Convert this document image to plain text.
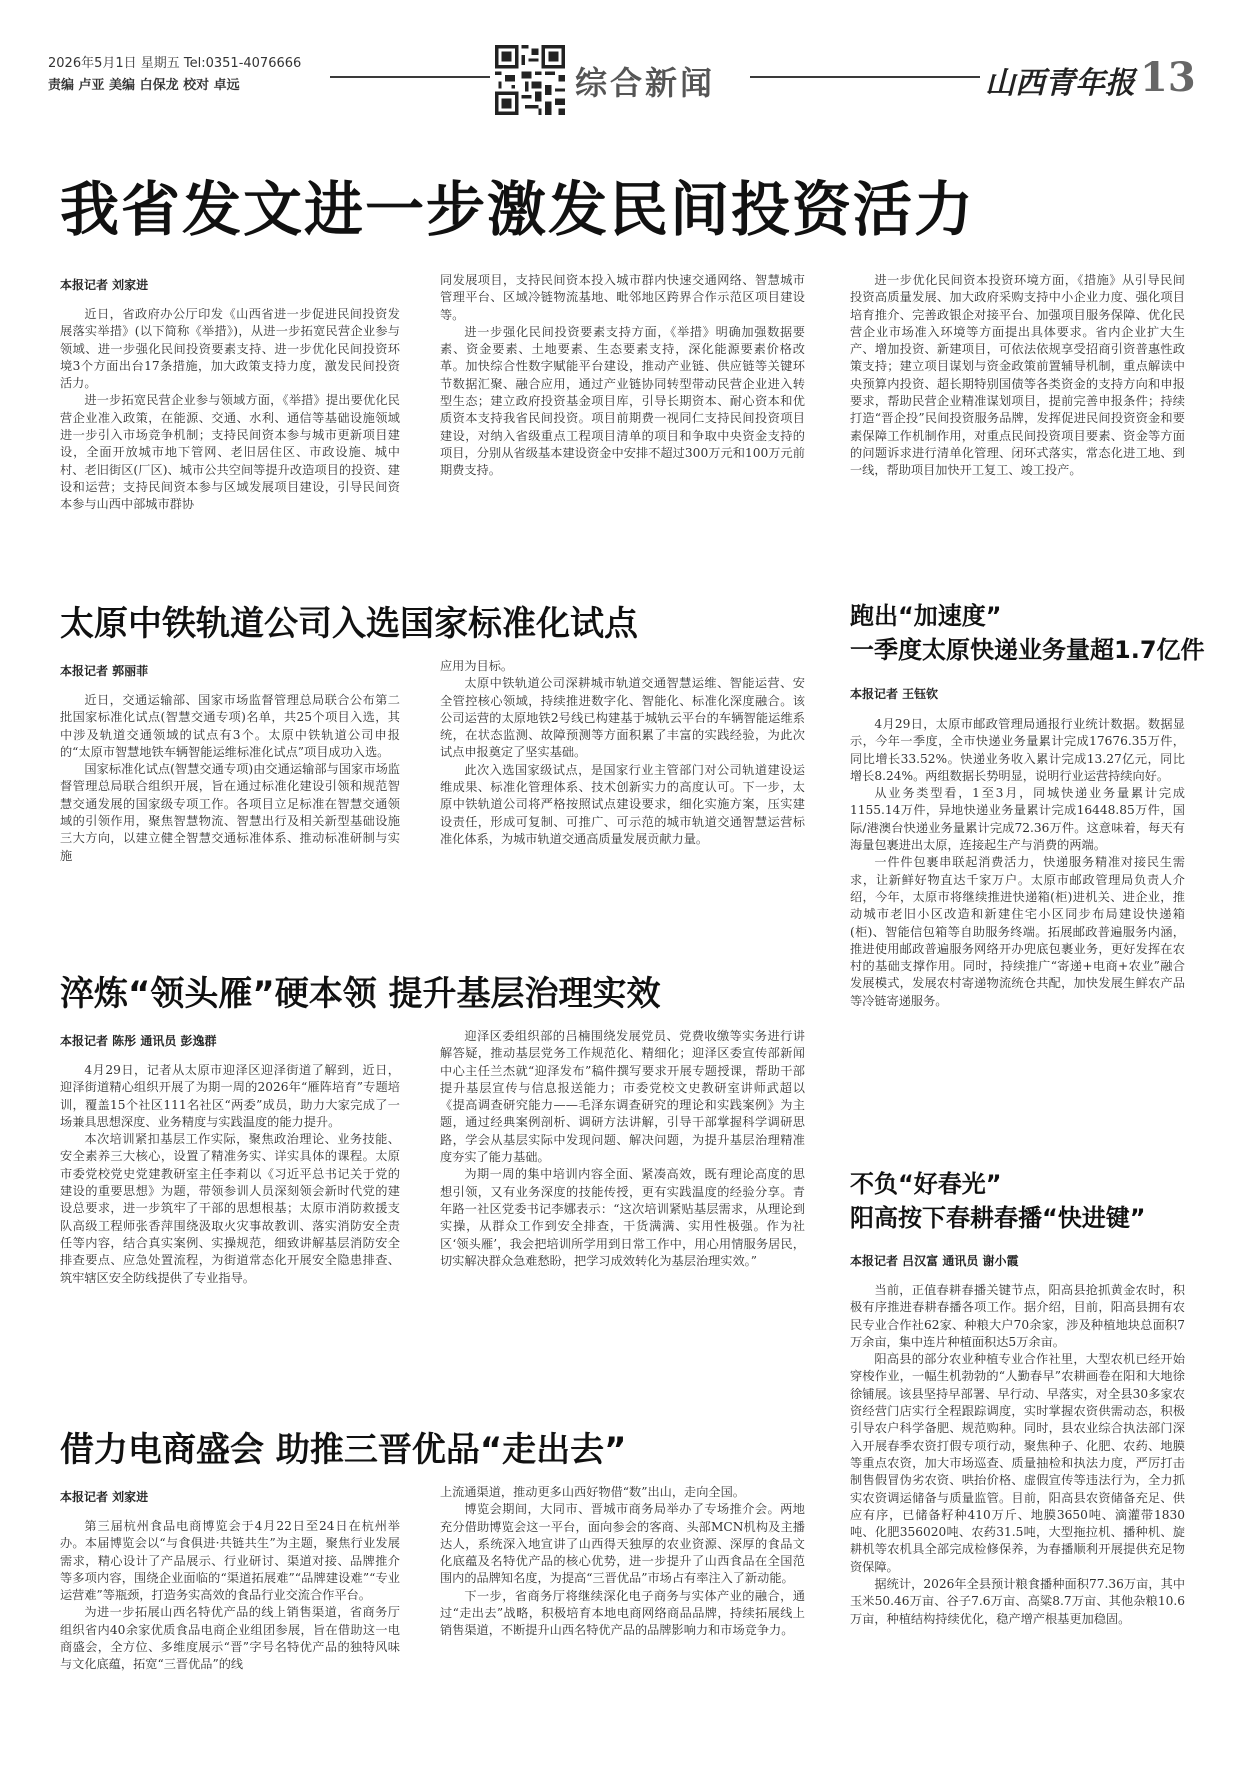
2026年5月1日 星期五 Tel:0351-4076666
责编 卢亚 美编 白保龙 校对 卓远	综合新闻	山西青年报 13
我省发文进一步激发民间投资活力
本报记者 刘家进

近日，省政府办公厅印发《山西省进一步促进民间投资发展落实举措》(以下简称《举措》)，从进一步拓宽民营企业参与领域、进一步强化民间投资要素支持、进一步优化民间投资环境3个方面出台17条措施，加大政策支持力度，激发民间投资活力。

进一步拓宽民营企业参与领域方面，《举措》提出要优化民营企业准入政策，在能源、交通、水利、通信等基础设施领域进一步引入市场竞争机制；支持民间资本参与城市更新项目建设，全面开放城市地下管网、老旧居住区、市政设施、城中村、老旧街区(厂区)、城市公共空间等提升改造项目的投资、建设和运营；支持民间资本参与区域发展项目建设，引导民间资本参与山西中部城市群协

同发展项目，支持民间资本投入城市群内快速交通网络、智慧城市管理平台、区域冷链物流基地、毗邻地区跨界合作示范区项目建设等。

进一步强化民间投资要素支持方面，《举措》明确加强数据要素、资金要素、土地要素、生态要素支持，深化能源要素价格改革。加快综合性数字赋能平台建设，推动产业链、供应链等关键环节数据汇聚、融合应用，通过产业链协同转型带动民营企业进入转型生态；建立政府投资基金项目库，引导长期资本、耐心资本和优质资本支持我省民间投资。项目前期费一视同仁支持民间投资项目建设，对纳入省级重点工程项目清单的项目和争取中央资金支持的项目，分别从省级基本建设资金中安排不超过300万元和100万元前期费支持。

进一步优化民间资本投资环境方面，《措施》从引导民间投资高质量发展、加大政府采购支持中小企业力度、强化项目培育推介、完善政银企对接平台、加强项目服务保障、优化民营企业市场准入环境等方面提出具体要求。省内企业扩大生产、增加投资、新建项目，可依法依规享受招商引资普惠性政策支持；建立项目谋划与资金政策前置辅导机制，重点解读中央预算内投资、超长期特别国债等各类资金的支持方向和申报要求，帮助民营企业精准谋划项目，提前完善申报条件；持续打造“晋企投”民间投资服务品牌，发挥促进民间投资资金和要素保障工作机制作用，对重点民间投资项目要素、资金等方面的问题诉求进行清单化管理、闭环式落实，常态化进工地、到一线，帮助项目加快开工复工、竣工投产。

太原中铁轨道公司入选国家标准化试点
本报记者 郭丽菲

近日，交通运输部、国家市场监督管理总局联合公布第二批国家标准化试点(智慧交通专项)名单，共25个项目入选，其中涉及轨道交通领域的试点有3个。太原中铁轨道公司申报的“太原市智慧地铁车辆智能运维标准化试点”项目成功入选。

国家标准化试点(智慧交通专项)由交通运输部与国家市场监督管理总局联合组织开展，旨在通过标准化建设引领和规范智慧交通发展的国家级专项工作。各项目立足标准在智慧交通领域的引领作用，聚焦智慧物流、智慧出行及相关新型基础设施三大方向，以建立健全智慧交通标准体系、推动标准研制与实施

应用为目标。

太原中铁轨道公司深耕城市轨道交通智慧运维、智能运营、安全管控核心领域，持续推进数字化、智能化、标准化深度融合。该公司运营的太原地铁2号线已构建基于城轨云平台的车辆智能运维系统，在状态监测、故障预测等方面积累了丰富的实践经验，为此次试点申报奠定了坚实基础。

此次入选国家级试点，是国家行业主管部门对公司轨道建设运维成果、标准化管理体系、技术创新实力的高度认可。下一步，太原中铁轨道公司将严格按照试点建设要求，细化实施方案，压实建设责任，形成可复制、可推广、可示范的城市轨道交通智慧运营标准化体系，为城市轨道交通高质量发展贡献力量。

跑出“加速度”
一季度太原快递业务量超1.7亿件
本报记者 王钰钦

4月29日，太原市邮政管理局通报行业统计数据。数据显示，今年一季度，全市快递业务量累计完成17676.35万件，同比增长33.52%。快递业务收入累计完成13.27亿元，同比增长8.24%。两组数据长势明显，说明行业运营持续向好。

从业务类型看，1至3月，同城快递业务量累计完成1155.14万件，异地快递业务量累计完成16448.85万件，国际/港澳台快递业务量累计完成72.36万件。这意味着，每天有海量包裹进出太原，连接起生产与消费的两端。

一件件包裹串联起消费活力，快递服务精准对接民生需求，让新鲜好物直达千家万户。太原市邮政管理局负责人介绍，今年，太原市将继续推进快递箱(柜)进机关、进企业，推动城市老旧小区改造和新建住宅小区同步布局建设快递箱(柜)、智能信包箱等自助服务终端。拓展邮政普遍服务内涵，推进使用邮政普遍服务网络开办兜底包裹业务，更好发挥在农村的基础支撑作用。同时，持续推广“寄递+电商+农业”融合发展模式，发展农村寄递物流统仓共配，加快发展生鲜农产品等冷链寄递服务。

淬炼“领头雁”硬本领 提升基层治理实效
本报记者 陈彤 通讯员 彭逸群

4月29日，记者从太原市迎泽区迎泽街道了解到，近日，迎泽街道精心组织开展了为期一周的2026年“雁阵培育”专题培训，覆盖15个社区111名社区“两委”成员，助力大家完成了一场兼具思想深度、业务精度与实践温度的能力提升。

本次培训紧扣基层工作实际，聚焦政治理论、业务技能、安全素养三大核心，设置了精准务实、详实具体的课程。太原市委党校党史党建教研室主任李莉以《习近平总书记关于党的建设的重要思想》为题，带领参训人员深刻领会新时代党的建设总要求，进一步筑牢了干部的思想根基；太原市消防救援支队高级工程师张香萍围绕汲取火灾事故教训、落实消防安全责任等内容，结合真实案例、实操规范，细致讲解基层消防安全排查要点、应急处置流程，为街道常态化开展安全隐患排查、筑牢辖区安全防线提供了专业指导。

迎泽区委组织部的吕楠围绕发展党员、党费收缴等实务进行讲解答疑，推动基层党务工作规范化、精细化；迎泽区委宣传部新闻中心主任兰杰就“迎泽发布”稿件撰写要求开展专题授课，帮助干部提升基层宣传与信息报送能力；市委党校文史教研室讲师武超以《提高调查研究能力——毛泽东调查研究的理论和实践案例》为主题，通过经典案例剖析、调研方法讲解，引导干部掌握科学调研思路，学会从基层实际中发现问题、解决问题，为提升基层治理精准度夯实了能力基础。

为期一周的集中培训内容全面、紧凑高效，既有理论高度的思想引领，又有业务深度的技能传授，更有实践温度的经验分享。青年路一社区党委书记李娜表示：“这次培训紧贴基层需求，从理论到实操，从群众工作到安全排查，干货满满、实用性极强。作为社区‘领头雁’，我会把培训所学用到日常工作中，用心用情服务居民，切实解决群众急难愁盼，把学习成效转化为基层治理实效。”

不负“好春光”
阳高按下春耕春播“快进键”
本报记者 吕汉富 通讯员 谢小霞

当前，正值春耕春播关键节点，阳高县抢抓黄金农时，积极有序推进春耕春播各项工作。据介绍，目前，阳高县拥有农民专业合作社62家、种粮大户70余家，涉及种植地块总面积7万余亩，集中连片种植面积达5万余亩。

阳高县的部分农业种植专业合作社里，大型农机已经开始穿梭作业，一幅生机勃勃的“人勤春早”农耕画卷在阳和大地徐徐铺展。该县坚持早部署、早行动、早落实，对全县30多家农资经营门店实行全程跟踪调度，实时掌握农资供需动态，积极引导农户科学备肥、规范购种。同时，县农业综合执法部门深入开展春季农资打假专项行动，聚焦种子、化肥、农药、地膜等重点农资，加大市场巡查、质量抽检和执法力度，严厉打击制售假冒伪劣农资、哄抬价格、虚假宣传等违法行为，全力抓实农资调运储备与质量监管。目前，阳高县农资储备充足、供应有序，已储备籽种410万斤、地膜3650吨、滴灌带1830吨、化肥356020吨、农药31.5吨，大型拖拉机、播种机、旋耕机等农机具全部完成检修保养，为春播顺利开展提供充足物资保障。

据统计，2026年全县预计粮食播种面积77.36万亩，其中玉米50.46万亩、谷子7.6万亩、高粱8.7万亩、其他杂粮10.6万亩，种植结构持续优化，稳产增产根基更加稳固。

借力电商盛会 助推三晋优品“走出去”
本报记者 刘家进

第三届杭州食品电商博览会于4月22日至24日在杭州举办。本届博览会以“与食俱进·共链共生”为主题，聚焦行业发展需求，精心设计了产品展示、行业研讨、渠道对接、品牌推介等多项内容，围绕企业面临的“渠道拓展难”“品牌建设难”“专业运营难”等瓶颈，打造务实高效的食品行业交流合作平台。

为进一步拓展山西名特优产品的线上销售渠道，省商务厅组织省内40余家优质食品电商企业组团参展，旨在借助这一电商盛会，全方位、多维度展示“晋”字号名特优产品的独特风味与文化底蕴，拓宽“三晋优品”的线

上流通渠道，推动更多山西好物借“数”出山，走向全国。

博览会期间，大同市、晋城市商务局举办了专场推介会。两地充分借助博览会这一平台，面向参会的客商、头部MCN机构及主播达人，系统深入地宣讲了山西得天独厚的农业资源、深厚的食品文化底蕴及名特优产品的核心优势，进一步提升了山西食品在全国范围内的品牌知名度，为提高“三晋优品”市场占有率注入了新动能。

下一步，省商务厅将继续深化电子商务与实体产业的融合，通过“走出去”战略，积极培育本地电商网络商品品牌，持续拓展线上销售渠道，不断提升山西名特优产品的品牌影响力和市场竞争力。
